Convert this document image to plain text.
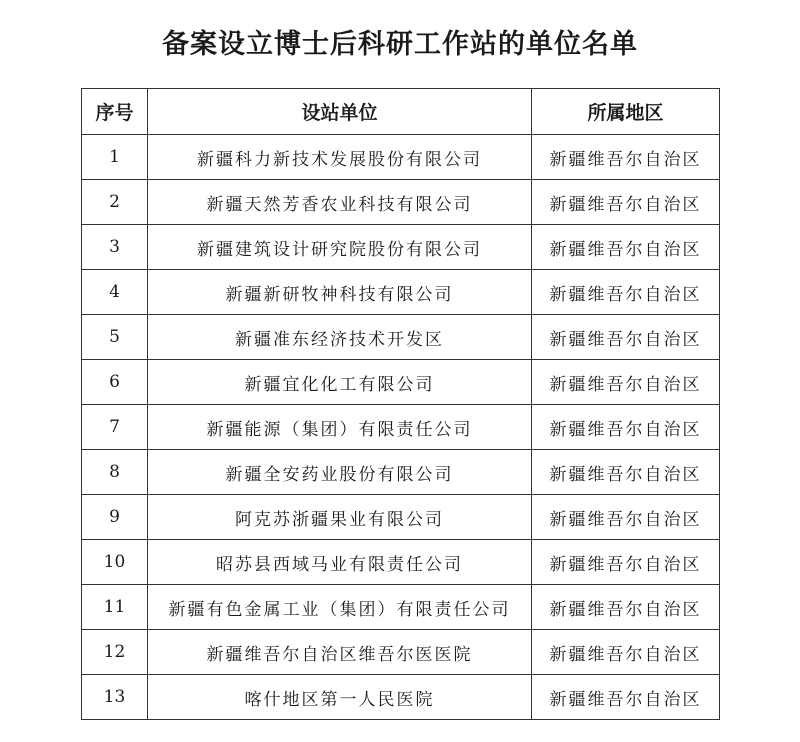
备案设立博士后科研工作站的单位名单
序号	设站单位	所属地区
1	新疆科力新技术发展股份有限公司	新疆维吾尔自治区
2	新疆天然芳香农业科技有限公司	新疆维吾尔自治区
3	新疆建筑设计研究院股份有限公司	新疆维吾尔自治区
4	新疆新研牧神科技有限公司	新疆维吾尔自治区
5	新疆准东经济技术开发区	新疆维吾尔自治区
6	新疆宜化化工有限公司	新疆维吾尔自治区
7	新疆能源（集团）有限责任公司	新疆维吾尔自治区
8	新疆全安药业股份有限公司	新疆维吾尔自治区
9	阿克苏浙疆果业有限公司	新疆维吾尔自治区
10	昭苏县西域马业有限责任公司	新疆维吾尔自治区
11	新疆有色金属工业（集团）有限责任公司	新疆维吾尔自治区
12	新疆维吾尔自治区维吾尔医医院	新疆维吾尔自治区
13	喀什地区第一人民医院	新疆维吾尔自治区
